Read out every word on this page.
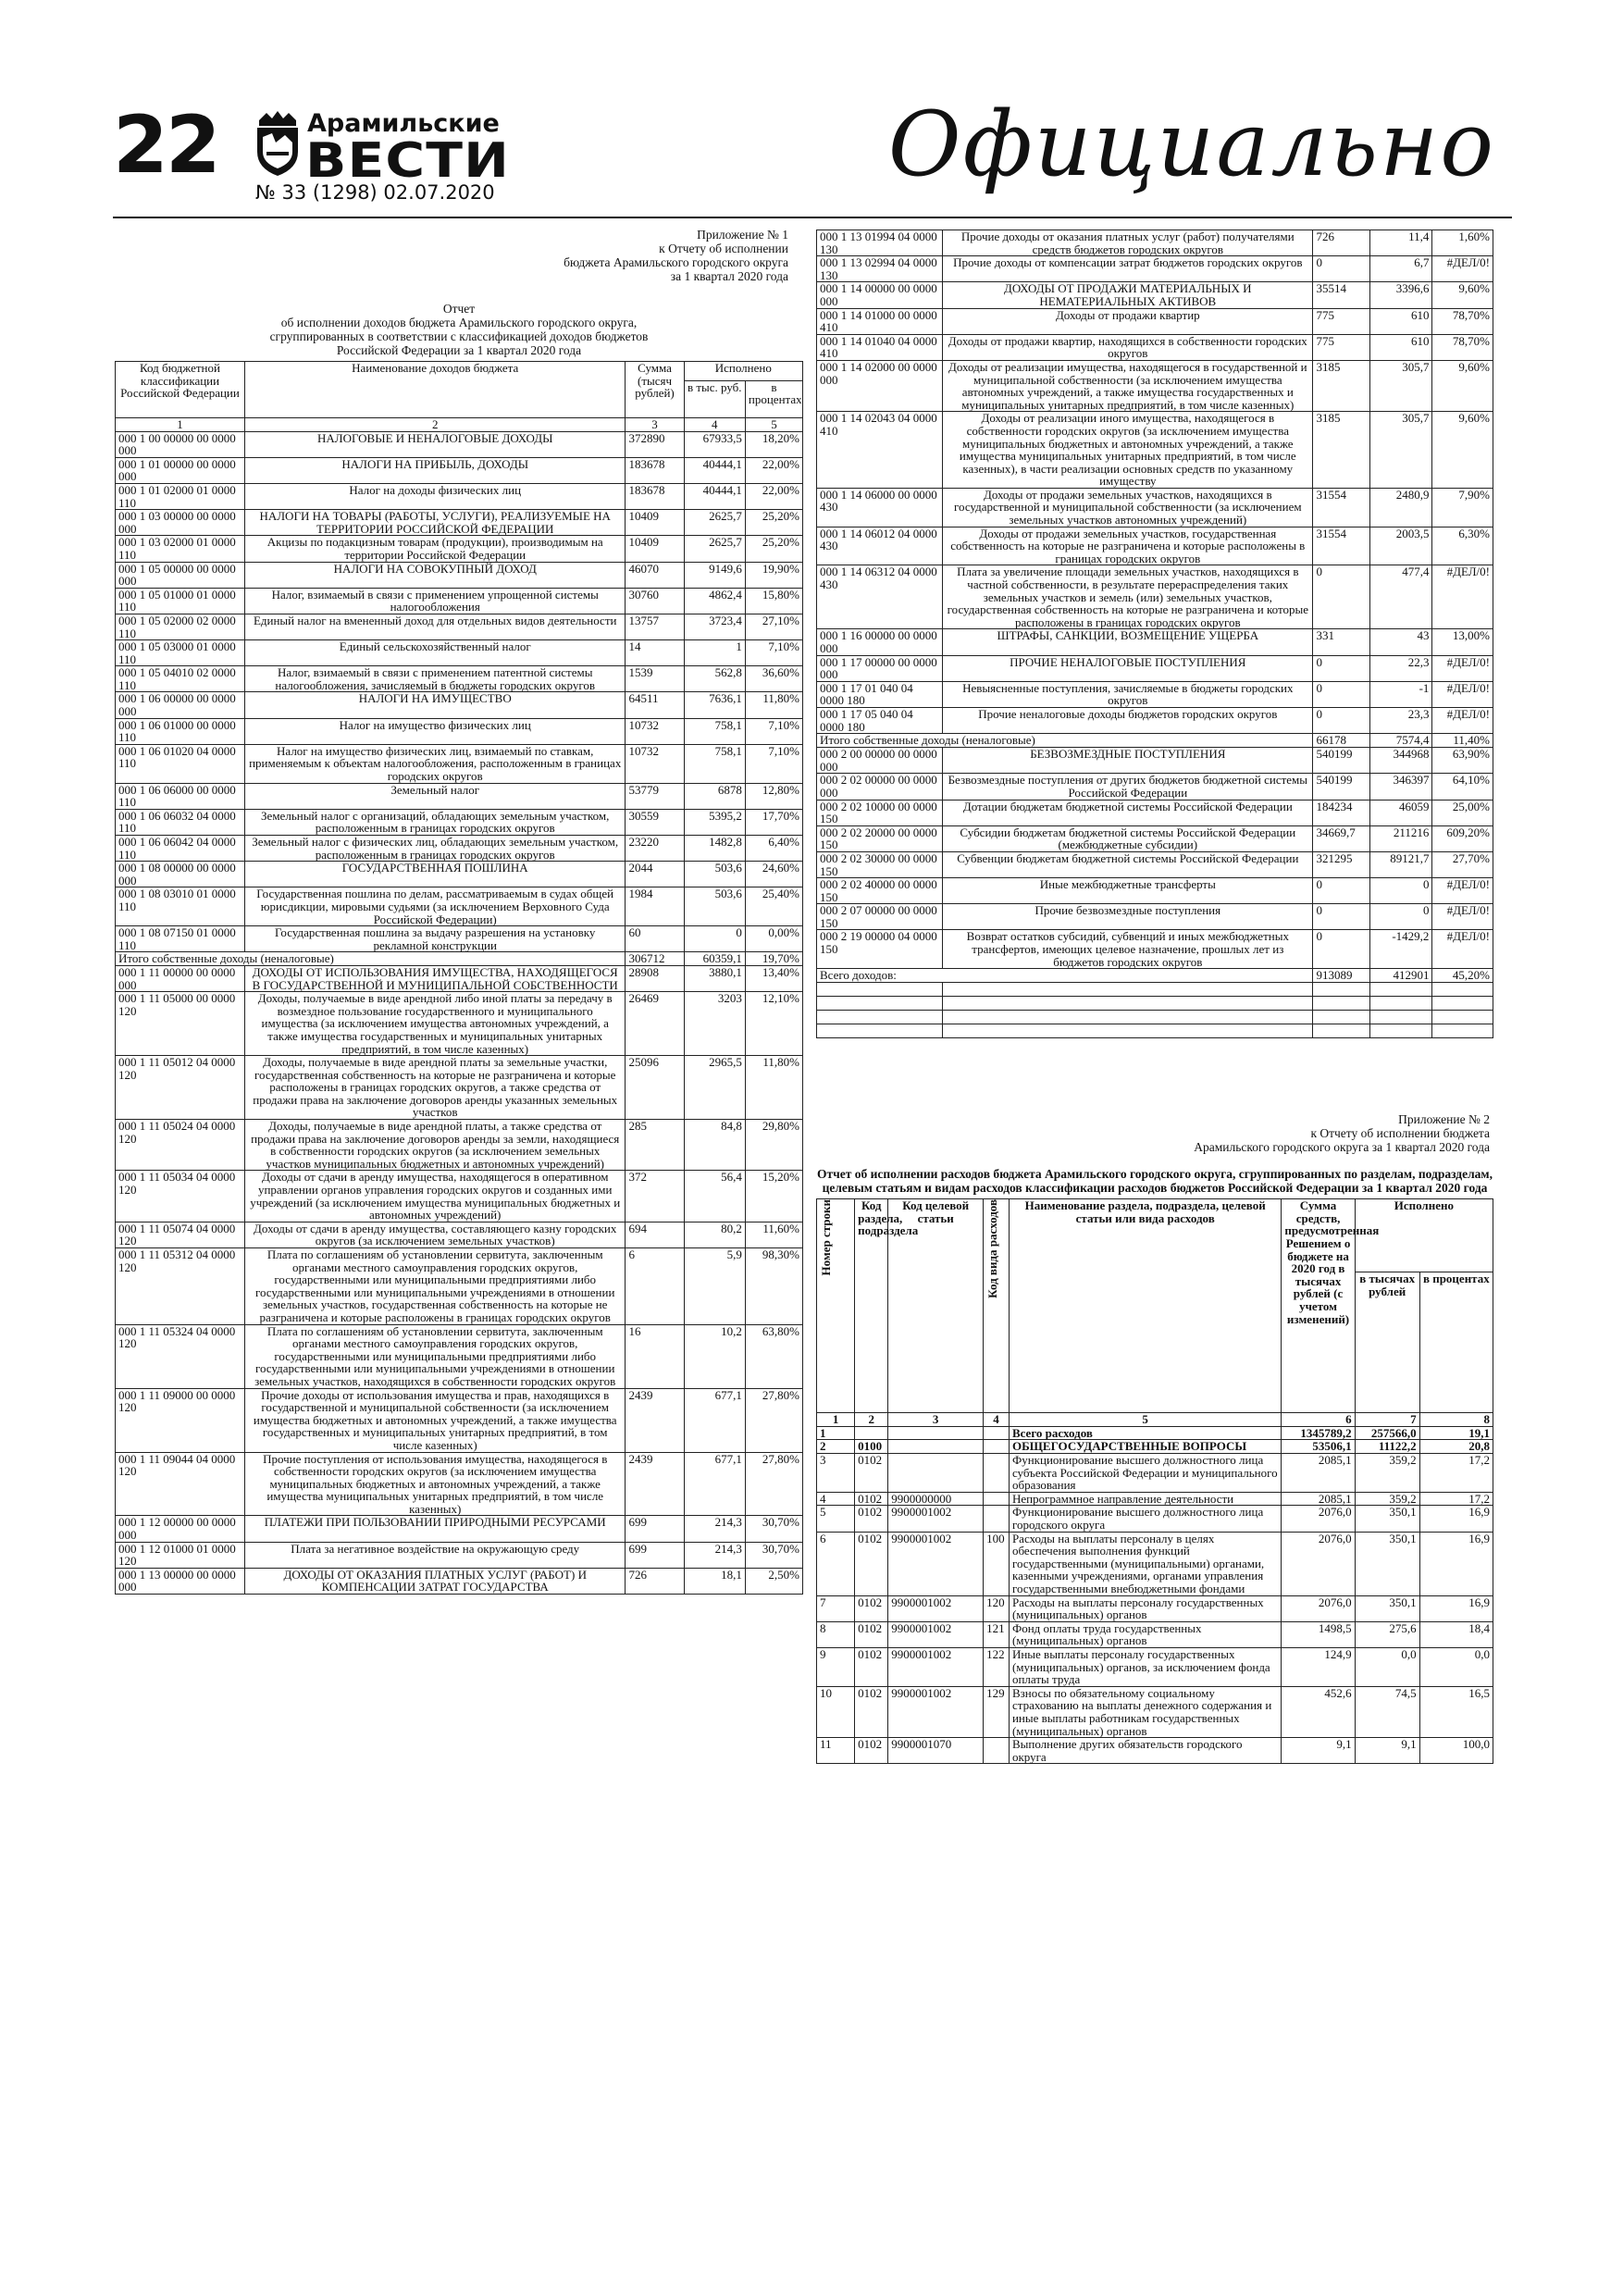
22	Арамильские
ВЕСТИ
№ 33 (1298) 02.07.2020	Официально
Приложение № 1
к Отчету об исполнении
бюджета Арамильского городского округа
за 1 квартал 2020 года
Отчет
об исполнении доходов бюджета Арамильского городского округа,
сгруппированных в соответствии с классификацией доходов бюджетов
Российской Федерации за 1 квартал 2020 года
Код бюджетной классификации Российской Федерации	Наименование доходов бюджета	Сумма (тысяч рублей)	Исполнено	
			в тыс. руб.	в процентах
1	2	3	4	5
000 1 00 00000 00 0000 000	НАЛОГОВЫЕ И НЕНАЛОГОВЫЕ ДОХОДЫ	372890	67933,5	18,20%
000 1 01 00000 00 0000 000	НАЛОГИ НА ПРИБЫЛЬ, ДОХОДЫ	183678	40444,1	22,00%
000 1 01 02000 01 0000 110	Налог на доходы физических лиц	183678	40444,1	22,00%
000 1 03 00000 00 0000 000	НАЛОГИ НА ТОВАРЫ (РАБОТЫ, УСЛУГИ), РЕАЛИЗУЕМЫЕ НА ТЕРРИТОРИИ РОССИЙСКОЙ ФЕДЕРАЦИИ	10409	2625,7	25,20%
000 1 03 02000 01 0000 110	Акцизы по подакцизным товарам (продукции), производимым на территории Российской Федерации	10409	2625,7	25,20%
000 1 05 00000 00 0000 000	НАЛОГИ НА СОВОКУПНЫЙ ДОХОД	46070	9149,6	19,90%
000 1 05 01000 01 0000 110	Налог, взимаемый в связи с применением упрощенной системы налогообложения	30760	4862,4	15,80%
000 1 05 02000 02 0000 110	Единый налог на вмененный доход для отдельных видов деятельности	13757	3723,4	27,10%
000 1 05 03000 01 0000 110	Единый сельскохозяйственный налог	14	1	7,10%
000 1 05 04010 02 0000 110	Налог, взимаемый в связи с применением патентной системы налогообложения, зачисляемый в бюджеты городских округов	1539	562,8	36,60%
000 1 06 00000 00 0000 000	НАЛОГИ НА ИМУЩЕСТВО	64511	7636,1	11,80%
000 1 06 01000 00 0000 110	Налог на имущество физических лиц	10732	758,1	7,10%
000 1 06 01020 04 0000 110	Налог на имущество физических лиц, взимаемый по ставкам, применяемым к объектам налогообложения, расположенным в границах городских округов	10732	758,1	7,10%
000 1 06 06000 00 0000 110	Земельный налог	53779	6878	12,80%
000 1 06 06032 04 0000 110	Земельный налог с организаций, обладающих земельным участком, расположенным в границах городских округов	30559	5395,2	17,70%
000 1 06 06042 04 0000 110	Земельный налог с физических лиц, обладающих земельным участком, расположенным в границах городских округов	23220	1482,8	6,40%
000 1 08 00000 00 0000 000	ГОСУДАРСТВЕННАЯ ПОШЛИНА	2044	503,6	24,60%
000 1 08 03010 01 0000 110	Государственная пошлина по делам, рассматриваемым в судах общей юрисдикции, мировыми судьями (за исключением Верховного Суда Российской Федерации)	1984	503,6	25,40%
000 1 08 07150 01 0000 110	Государственная пошлина за выдачу разрешения на установку рекламной конструкции	60	0	0,00%
Итого собственные доходы (неналоговые)		306712	60359,1	19,70%
000 1 11 00000 00 0000 000	ДОХОДЫ ОТ ИСПОЛЬЗОВАНИЯ ИМУЩЕСТВА, НАХОДЯЩЕГОСЯ В ГОСУДАРСТВЕННОЙ И МУНИЦИПАЛЬНОЙ СОБСТВЕННОСТИ	28908	3880,1	13,40%
000 1 11 05000 00 0000 120	Доходы, получаемые в виде арендной либо иной платы за передачу в возмездное пользование государственного и муниципального имущества (за исключением имущества автономных учреждений, а также имущества государственных и муниципальных унитарных предприятий, в том числе казенных)	26469	3203	12,10%
000 1 11 05012 04 0000 120	Доходы, получаемые в виде арендной платы за земельные участки, государственная собственность на которые не разграничена и которые расположены в границах городских округов, а также средства от продажи права на заключение договоров аренды указанных земельных участков	25096	2965,5	11,80%
000 1 11 05024 04 0000 120	Доходы, получаемые в виде арендной платы, а также средства от продажи права на заключение договоров аренды за земли, находящиеся в собственности городских округов (за исключением земельных участков муниципальных бюджетных и автономных учреждений)	285	84,8	29,80%
000 1 11 05034 04 0000 120	Доходы от сдачи в аренду имущества, находящегося в оперативном управлении органов управления городских округов и созданных ими учреждений (за исключением имущества муниципальных бюджетных и автономных учреждений)	372	56,4	15,20%
000 1 11 05074 04 0000 120	Доходы от сдачи в аренду имущества, составляющего казну городских округов (за исключением земельных участков)	694	80,2	11,60%
000 1 11 05312 04 0000 120	Плата по соглашениям об установлении сервитута, заключенным органами местного самоуправления городских округов, государственными или муниципальными предприятиями либо государственными или муниципальными учреждениями в отношении земельных участков, государственная собственность на которые не разграничена и которые расположены в границах городских округов	6	5,9	98,30%
000 1 11 05324 04 0000 120	Плата по соглашениям об установлении сервитута, заключенным органами местного самоуправления городских округов, государственными или муниципальными предприятиями либо государственными или муниципальными учреждениями в отношении земельных участков, находящихся в собственности городских округов	16	10,2	63,80%
000 1 11 09000 00 0000 120	Прочие доходы от использования имущества и прав, находящихся в государственной и муниципальной собственности (за исключением имущества бюджетных и автономных учреждений, а также имущества государственных и муниципальных унитарных предприятий, в том числе казенных)	2439	677,1	27,80%
000 1 11 09044 04 0000 120	Прочие поступления от использования имущества, находящегося в собственности городских округов (за исключением имущества муниципальных бюджетных и автономных учреждений, а также имущества муниципальных унитарных предприятий, в том числе казенных)	2439	677,1	27,80%
000 1 12 00000 00 0000 000	ПЛАТЕЖИ ПРИ ПОЛЬЗОВАНИИ ПРИРОДНЫМИ РЕСУРСАМИ	699	214,3	30,70%
000 1 12 01000 01 0000 120	Плата за негативное воздействие на окружающую среду	699	214,3	30,70%
000 1 13 00000 00 0000 000	ДОХОДЫ ОТ ОКАЗАНИЯ ПЛАТНЫХ УСЛУГ (РАБОТ) И КОМПЕНСАЦИИ ЗАТРАТ ГОСУДАРСТВА	726	18,1	2,50%
000 1 13 01994 04 0000 130	Прочие доходы от оказания платных услуг (работ) получателями средств бюджетов городских округов	726	11,4	1,60%
000 1 13 02994 04 0000 130	Прочие доходы от компенсации затрат бюджетов городских округов	0	6,7	#ДЕЛ/0!
000 1 14 00000 00 0000 000	ДОХОДЫ ОТ ПРОДАЖИ МАТЕРИАЛЬНЫХ И НЕМАТЕРИАЛЬНЫХ АКТИВОВ	35514	3396,6	9,60%
000 1 14 01000 00 0000 410	Доходы от продажи квартир	775	610	78,70%
000 1 14 01040 04 0000 410	Доходы от продажи квартир, находящихся в собственности городских округов	775	610	78,70%
000 1 14 02000 00 0000 000	Доходы от реализации имущества, находящегося в государственной и муниципальной собственности (за исключением имущества автономных учреждений, а также имущества государственных и муниципальных унитарных предприятий, в том числе казенных)	3185	305,7	9,60%
000 1 14 02043 04 0000 410	Доходы от реализации иного имущества, находящегося в собственности городских округов (за исключением имущества муниципальных бюджетных и автономных учреждений, а также имущества муниципальных унитарных предприятий, в том числе казенных), в части реализации основных средств по указанному имуществу	3185	305,7	9,60%
000 1 14 06000 00 0000 430	Доходы от продажи земельных участков, находящихся в государственной и муниципальной собственности (за исключением земельных участков автономных учреждений)	31554	2480,9	7,90%
000 1 14 06012 04 0000 430	Доходы от продажи земельных участков, государственная собственность на которые не разграничена и которые расположены в границах городских округов	31554	2003,5	6,30%
000 1 14 06312 04 0000 430	Плата за увеличение площади земельных участков, находящихся в частной собственности, в результате перераспределения таких земельных участков и земель (или) земельных участков, государственная собственность на которые не разграничена и которые расположены в границах городских округов	0	477,4	#ДЕЛ/0!
000 1 16 00000 00 0000 000	ШТРАФЫ, САНКЦИИ, ВОЗМЕЩЕНИЕ УЩЕРБА	331	43	13,00%
000 1 17 00000 00 0000 000	ПРОЧИЕ НЕНАЛОГОВЫЕ ПОСТУПЛЕНИЯ	0	22,3	#ДЕЛ/0!
000 1 17 01 040 04 0000 180	Невыясненные поступления, зачисляемые в бюджеты городских округов	0	-1	#ДЕЛ/0!
000 1 17 05 040 04 0000 180	Прочие неналоговые доходы бюджетов городских округов	0	23,3	#ДЕЛ/0!
Итого собственные доходы (неналоговые)		66178	7574,4	11,40%
000 2 00 00000 00 0000 000	БЕЗВОЗМЕЗДНЫЕ ПОСТУПЛЕНИЯ	540199	344968	63,90%
000 2 02 00000 00 0000 000	Безвозмездные поступления от других бюджетов бюджетной системы Российской Федерации	540199	346397	64,10%
000 2 02 10000 00 0000 150	Дотации бюджетам бюджетной системы Российской Федерации	184234	46059	25,00%
000 2 02 20000 00 0000 150	Субсидии бюджетам бюджетной системы Российской Федерации (межбюджетные субсидии)	34669,7	211216	609,20%
000 2 02 30000 00 0000 150	Субвенции бюджетам бюджетной системы Российской Федерации	321295	89121,7	27,70%
000 2 02 40000 00 0000 150	Иные межбюджетные трансферты	0	0	#ДЕЛ/0!
000 2 07 00000 00 0000 150	Прочие безвозмездные поступления	0	0	#ДЕЛ/0!
000 2 19 00000 04 0000 150	Возврат остатков субсидий, субвенций и иных межбюджетных трансфертов, имеющих целевое назначение, прошлых лет из бюджетов городских округов	0	-1429,2	#ДЕЛ/0!
Всего доходов:		913089	412901	45,20%

Приложение № 2
к Отчету об исполнении бюджета
Арамильского городского округа за 1 квартал 2020 года
Отчет об исполнении расходов бюджета Арамильского городского округа, сгруппированных по разделам, подразделам, целевым статьям и видам расходов классификации расходов бюджетов Российской Федерации за 1 квартал 2020 года
Номер строки	Код раздела, подраздела	Код целевой статьи	Код вида расходов	Наименование раздела, подраздела, целевой статьи или вида расходов	Сумма средств, предусмотренная Решением о бюджете на 2020 год в тысячах рублей (с учетом изменений)	Исполнено	
						в тысячах рублей	в процентах
1	2	3	4	5	6	7	8
1				Всего расходов	1345789,2	257566,0	19,1
2	0100			ОБЩЕГОСУДАРСТВЕННЫЕ ВОПРОСЫ	53506,1	11122,2	20,8
3	0102			Функционирование высшего должностного лица субъекта Российской Федерации и муниципального образования	2085,1	359,2	17,2
4	0102	9900000000		Непрограммное направление деятельности	2085,1	359,2	17,2
5	0102	9900001002		Функционирование высшего должностного лица городского округа	2076,0	350,1	16,9
6	0102	9900001002	100	Расходы на выплаты персоналу в целях обеспечения выполнения функций государственными (муниципальными) органами, казенными учреждениями, органами управления государственными внебюджетными фондами	2076,0	350,1	16,9
7	0102	9900001002	120	Расходы на выплаты персоналу государственных (муниципальных) органов	2076,0	350,1	16,9
8	0102	9900001002	121	Фонд оплаты труда государственных (муниципальных) органов	1498,5	275,6	18,4
9	0102	9900001002	122	Иные выплаты персоналу государственных (муниципальных) органов, за исключением фонда оплаты труда	124,9	0,0	0,0
10	0102	9900001002	129	Взносы по обязательному социальному страхованию на выплаты денежного содержания и иные выплаты работникам государственных (муниципальных) органов	452,6	74,5	16,5
11	0102	9900001070		Выполнение других обязательств городского округа	9,1	9,1	100,0
